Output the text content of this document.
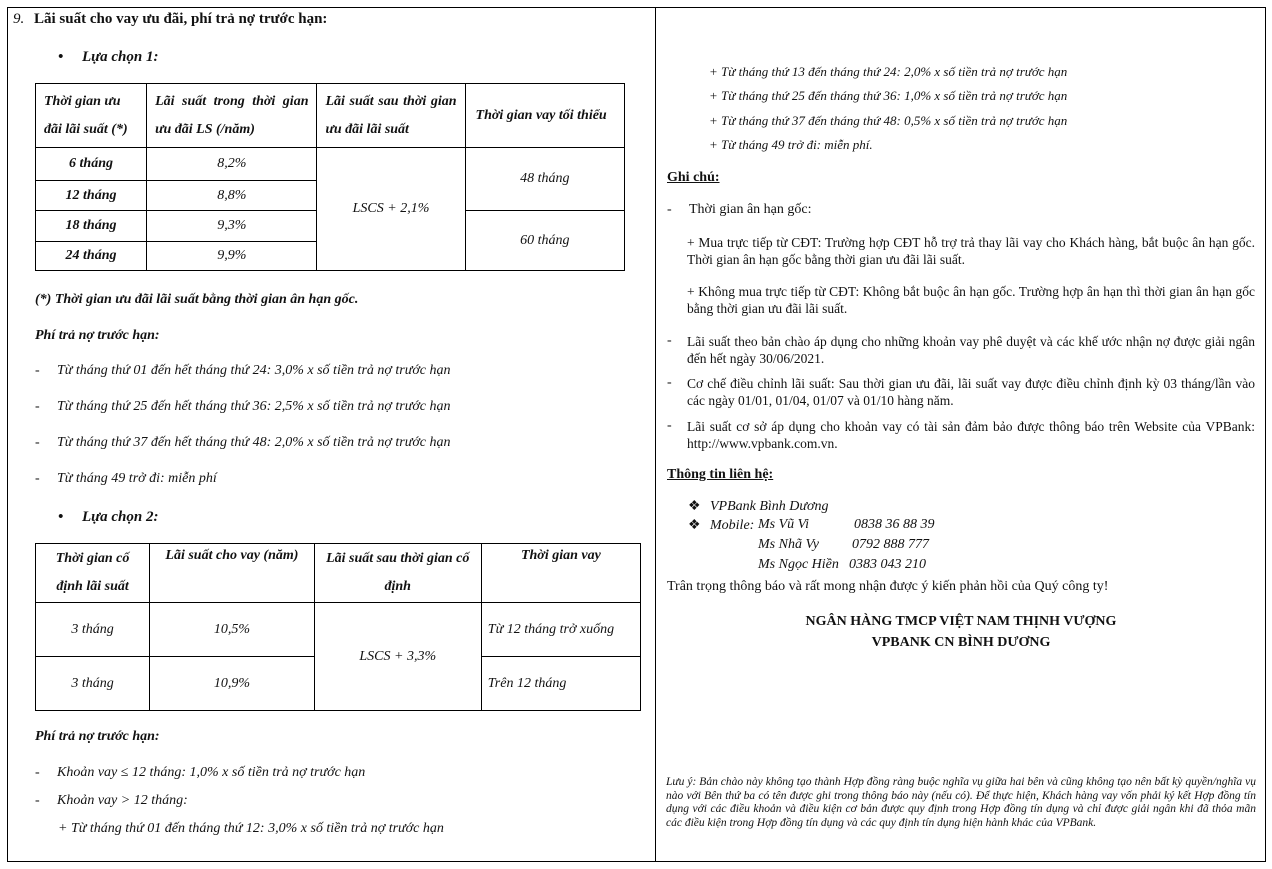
9. Lãi suất cho vay ưu đãi, phí trả nợ trước hạn:
• Lựa chọn 1:
Thời gian ưu đãi lãi suất (*)	Lãi suất trong thời gian ưu đãi LS (/năm)	Lãi suất sau thời gian ưu đãi lãi suất	Thời gian vay tối thiểu
6 tháng	8,2%	LSCS + 2,1%	48 tháng
12 tháng	8,8%		
18 tháng	9,3%		60 tháng
24 tháng	9,9%		
(*) Thời gian ưu đãi lãi suất bằng thời gian ân hạn gốc.
Phí trả nợ trước hạn:
- Từ tháng thứ 01 đến hết tháng thứ 24: 3,0% x số tiền trả nợ trước hạn
- Từ tháng thứ 25 đến hết tháng thứ 36: 2,5% x số tiền trả nợ trước hạn
- Từ tháng thứ 37 đến hết tháng thứ 48: 2,0% x số tiền trả nợ trước hạn
- Từ tháng 49 trở đi: miễn phí
• Lựa chọn 2:
Thời gian cố định lãi suất	Lãi suất cho vay (năm)	Lãi suất sau thời gian cố định	Thời gian vay
3 tháng	10,5%	LSCS + 3,3%	Từ 12 tháng trở xuống
3 tháng	10,9%		Trên 12 tháng
Phí trả nợ trước hạn:
- Khoản vay ≤ 12 tháng: 1,0% x số tiền trả nợ trước hạn
- Khoản vay > 12 tháng:
+ Từ tháng thứ 01 đến tháng thứ 12: 3,0% x số tiền trả nợ trước hạn
+ Từ tháng thứ 13 đến tháng thứ 24: 2,0% x số tiền trả nợ trước hạn
+ Từ tháng thứ 25 đến tháng thứ 36: 1,0% x số tiền trả nợ trước hạn
+ Từ tháng thứ 37 đến tháng thứ 48: 0,5% x số tiền trả nợ trước hạn
+ Từ tháng 49 trở đi: miễn phí.
Ghi chú:
- Thời gian ân hạn gốc:
+ Mua trực tiếp từ CĐT: Trường hợp CĐT hỗ trợ trả thay lãi vay cho Khách hàng, bắt buộc ân hạn gốc. Thời gian ân hạn gốc bằng thời gian ưu đãi lãi suất.
+ Không mua trực tiếp từ CĐT: Không bắt buộc ân hạn gốc. Trường hợp ân hạn thì thời gian ân hạn gốc bằng thời gian ưu đãi lãi suất.
- Lãi suất theo bản chào áp dụng cho những khoản vay phê duyệt và các khế ước nhận nợ được giải ngân đến hết ngày 30/06/2021.
- Cơ chế điều chỉnh lãi suất: Sau thời gian ưu đãi, lãi suất vay được điều chỉnh định kỳ 03 tháng/lần vào các ngày 01/01, 01/04, 01/07 và 01/10 hàng năm.
- Lãi suất cơ sở áp dụng cho khoản vay có tài sản đảm bảo được thông báo trên Website của VPBank: http://www.vpbank.com.vn.
Thông tin liên hệ:
❖ VPBank Bình Dương
❖ Mobile: Ms Vũ Vi	0838 36 88 39
Ms Nhã Vy 0792 888 777
Ms Ngọc Hiền 0383 043 210
Trân trọng thông báo và rất mong nhận được ý kiến phản hồi của Quý công ty!
NGÂN HÀNG TMCP VIỆT NAM THỊNH VƯỢNG
VPBANK CN BÌNH DƯƠNG
Lưu ý: Bản chào này không tạo thành Hợp đồng ràng buộc nghĩa vụ giữa hai bên và cũng không tạo nên bất kỳ quyền/nghĩa vụ nào với Bên thứ ba có tên được ghi trong thông báo này (nếu có). Để thực hiện, Khách hàng vay vốn phải ký kết Hợp đồng tín dụng với các điều khoản và điều kiện cơ bản được quy định trong Hợp đồng tín dụng và chỉ được giải ngân khi đã thỏa mãn các điều kiện trong Hợp đồng tín dụng và các quy định tín dụng hiện hành khác của VPBank.
